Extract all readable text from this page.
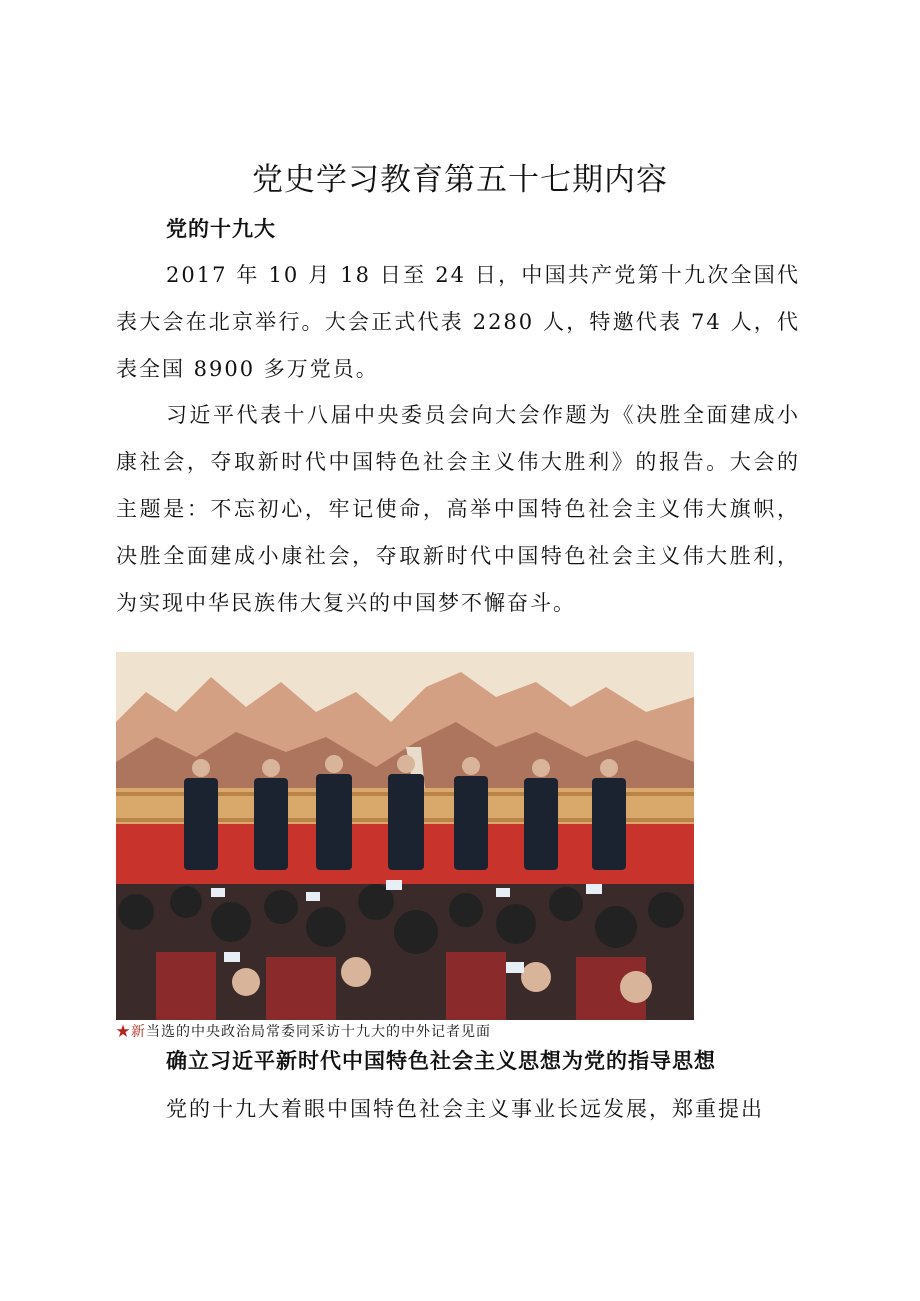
党史学习教育第五十七期内容
党的十九大

2017 年 10 月 18 日至 24 日，中国共产党第十九次全国代表大会在北京举行。大会正式代表 2280 人，特邀代表 74 人，代表全国 8900 多万党员。

习近平代表十八届中央委员会向大会作题为《决胜全面建成小康社会，夺取新时代中国特色社会主义伟大胜利》的报告。大会的主题是：不忘初心，牢记使命，高举中国特色社会主义伟大旗帜，决胜全面建成小康社会，夺取新时代中国特色社会主义伟大胜利，为实现中华民族伟大复兴的中国梦不懈奋斗。

★新当选的中央政治局常委同采访十九大的中外记者见面
确立习近平新时代中国特色社会主义思想为党的指导思想

党的十九大着眼中国特色社会主义事业长远发展，郑重提出
